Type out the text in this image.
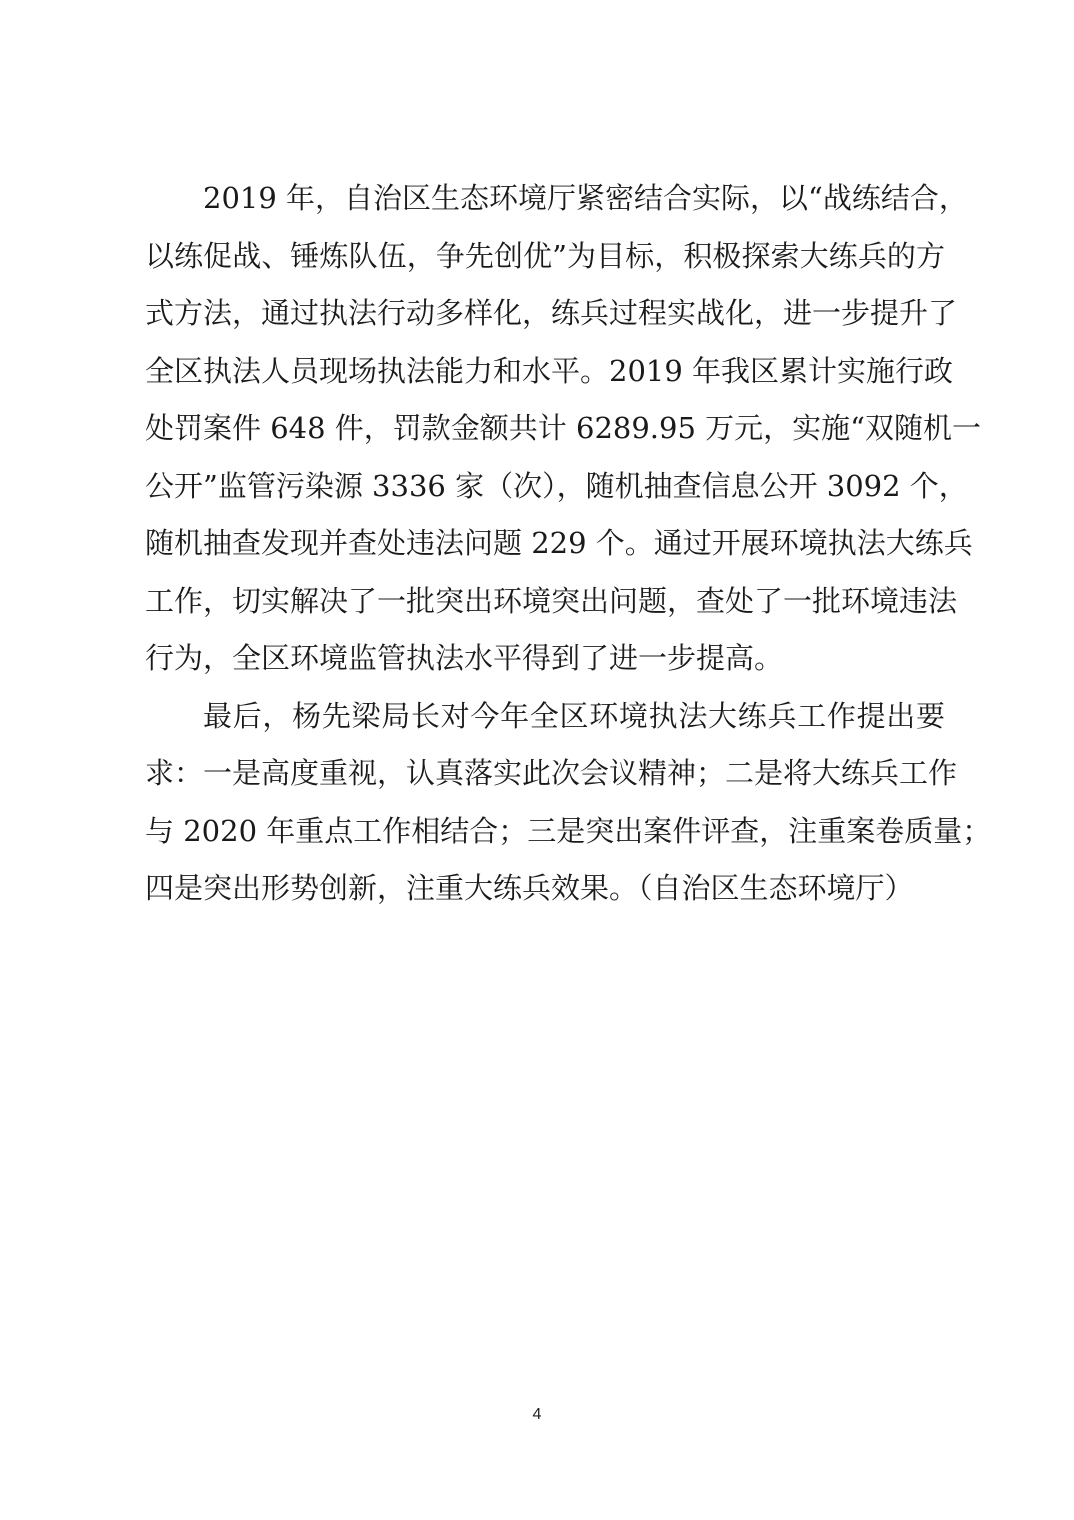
2019 年，自治区生态环境厅紧密结合实际，以“战练结合，
以练促战、锤炼队伍，争先创优”为目标，积极探索大练兵的方
式方法，通过执法行动多样化，练兵过程实战化，进一步提升了
全区执法人员现场执法能力和水平。2019 年我区累计实施行政
处罚案件 648 件，罚款金额共计 6289.95 万元，实施“双随机一
公开”监管污染源 3336 家（次），随机抽查信息公开 3092 个，
随机抽查发现并查处违法问题 229 个。通过开展环境执法大练兵
工作，切实解决了一批突出环境突出问题，查处了一批环境违法
行为，全区环境监管执法水平得到了进一步提高。
最后，杨先梁局长对今年全区环境执法大练兵工作提出要
求：一是高度重视，认真落实此次会议精神；二是将大练兵工作
与 2020 年重点工作相结合；三是突出案件评查，注重案卷质量；
四是突出形势创新，注重大练兵效果。（自治区生态环境厅）
4
